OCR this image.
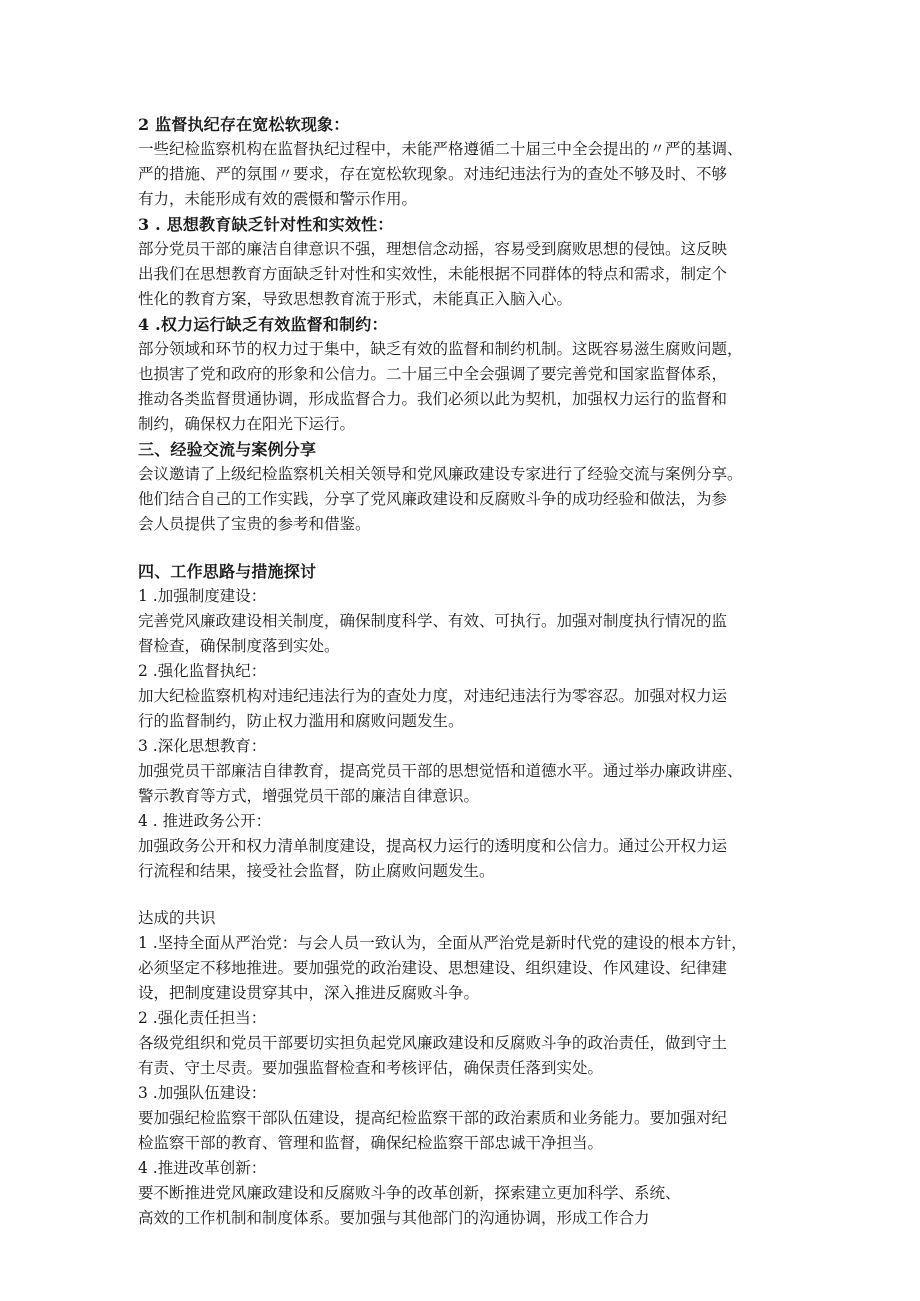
2 监督执纪存在宽松软现象：
一些纪检监察机构在监督执纪过程中，未能严格遵循二十届三中全会提出的〃严的基调、
严的措施、严的氛围〃要求，存在宽松软现象。对违纪违法行为的查处不够及时、不够
有力，未能形成有效的震慑和警示作用。
3 . 思想教育缺乏针对性和实效性：
部分党员干部的廉洁自律意识不强，理想信念动摇，容易受到腐败思想的侵蚀。这反映
出我们在思想教育方面缺乏针对性和实效性，未能根据不同群体的特点和需求，制定个
性化的教育方案，导致思想教育流于形式，未能真正入脑入心。
4 .权力运行缺乏有效监督和制约：
部分领域和环节的权力过于集中，缺乏有效的监督和制约机制。这既容易滋生腐败问题，
也损害了党和政府的形象和公信力。二十届三中全会强调了要完善党和国家监督体系，
推动各类监督贯通协调，形成监督合力。我们必须以此为契机，加强权力运行的监督和
制约，确保权力在阳光下运行。
三、经验交流与案例分享
会议邀请了上级纪检监察机关相关领导和党风廉政建设专家进行了经验交流与案例分享。
他们结合自己的工作实践，分享了党风廉政建设和反腐败斗争的成功经验和做法，为参
会人员提供了宝贵的参考和借鉴。
四、工作思路与措施探讨
1 .加强制度建设：
完善党风廉政建设相关制度，确保制度科学、有效、可执行。加强对制度执行情况的监
督检查，确保制度落到实处。
2 .强化监督执纪：
加大纪检监察机构对违纪违法行为的查处力度，对违纪违法行为零容忍。加强对权力运
行的监督制约，防止权力滥用和腐败问题发生。
3 .深化思想教育：
加强党员干部廉洁自律教育，提高党员干部的思想觉悟和道德水平。通过举办廉政讲座、
警示教育等方式，增强党员干部的廉洁自律意识。
4 . 推进政务公开：
加强政务公开和权力清单制度建设，提高权力运行的透明度和公信力。通过公开权力运
行流程和结果，接受社会监督，防止腐败问题发生。
达成的共识
1 .坚持全面从严治党：与会人员一致认为，全面从严治党是新时代党的建设的根本方针，
必须坚定不移地推进。要加强党的政治建设、思想建设、组织建设、作风建设、纪律建
设，把制度建设贯穿其中，深入推进反腐败斗争。
2 .强化责任担当：
各级党组织和党员干部要切实担负起党风廉政建设和反腐败斗争的政治责任，做到守土
有责、守土尽责。要加强监督检查和考核评估，确保责任落到实处。
3 .加强队伍建设：
要加强纪检监察干部队伍建设，提高纪检监察干部的政治素质和业务能力。要加强对纪
检监察干部的教育、管理和监督，确保纪检监察干部忠诚干净担当。
4 .推进改革创新：
要不断推进党风廉政建设和反腐败斗争的改革创新，探索建立更加科学、系统、
高效的工作机制和制度体系。要加强与其他部门的沟通协调，形成工作合力
